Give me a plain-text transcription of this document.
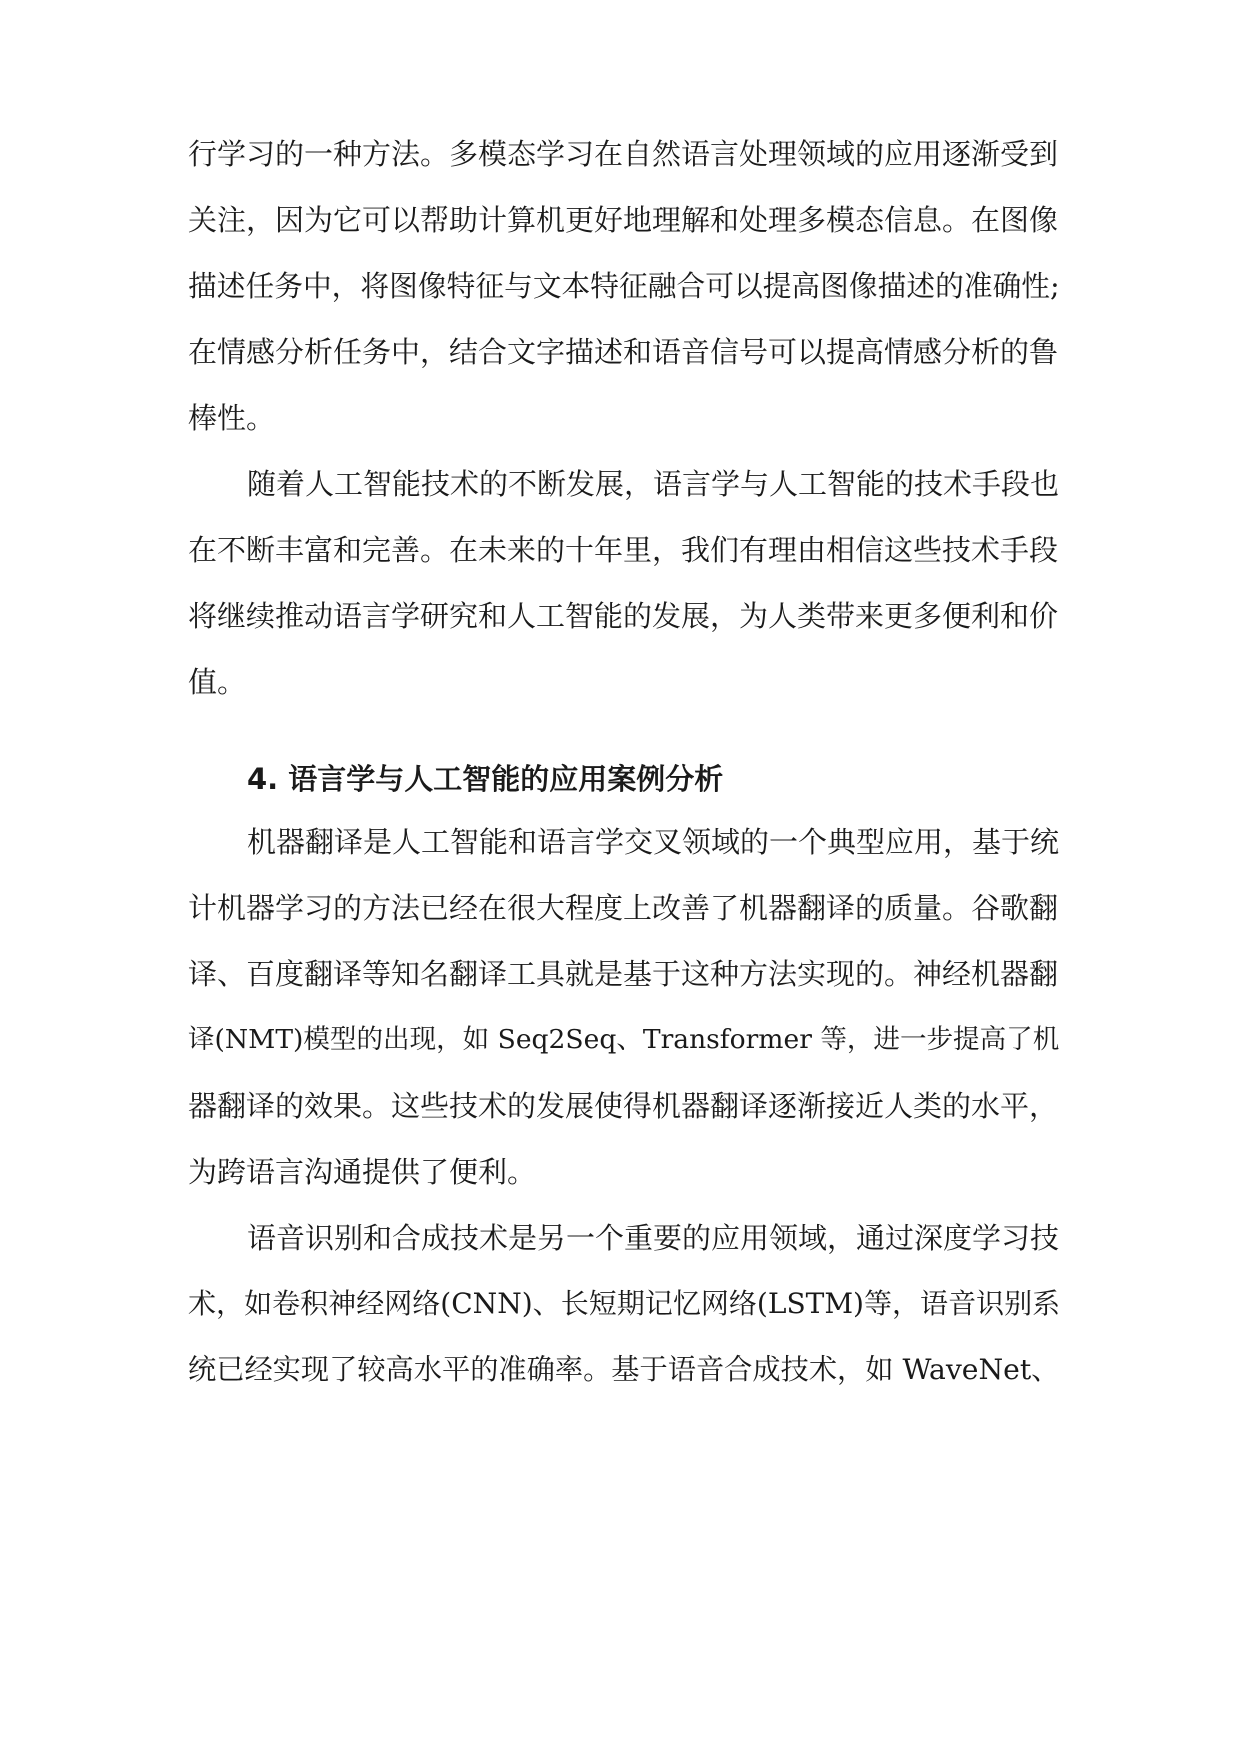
行学习的一种方法。多模态学习在自然语言处理领域的应用逐渐受到
关注，因为它可以帮助计算机更好地理解和处理多模态信息。在图像
描述任务中，将图像特征与文本特征融合可以提高图像描述的准确性;
在情感分析任务中，结合文字描述和语音信号可以提高情感分析的鲁
棒性。
随着人工智能技术的不断发展，语言学与人工智能的技术手段也
在不断丰富和完善。在未来的十年里，我们有理由相信这些技术手段
将继续推动语言学研究和人工智能的发展，为人类带来更多便利和价
值。
4. 语言学与人工智能的应用案例分析
机器翻译是人工智能和语言学交叉领域的一个典型应用，基于统
计机器学习的方法已经在很大程度上改善了机器翻译的质量。谷歌翻
译、百度翻译等知名翻译工具就是基于这种方法实现的。神经机器翻
译(NMT)模型的出现，如 Seq2Seq、Transformer 等，进一步提高了机
器翻译的效果。这些技术的发展使得机器翻译逐渐接近人类的水平，
为跨语言沟通提供了便利。
语音识别和合成技术是另一个重要的应用领域，通过深度学习技
术，如卷积神经网络(CNN)、长短期记忆网络(LSTM)等，语音识别系
统已经实现了较高水平的准确率。基于语音合成技术，如 WaveNet、
